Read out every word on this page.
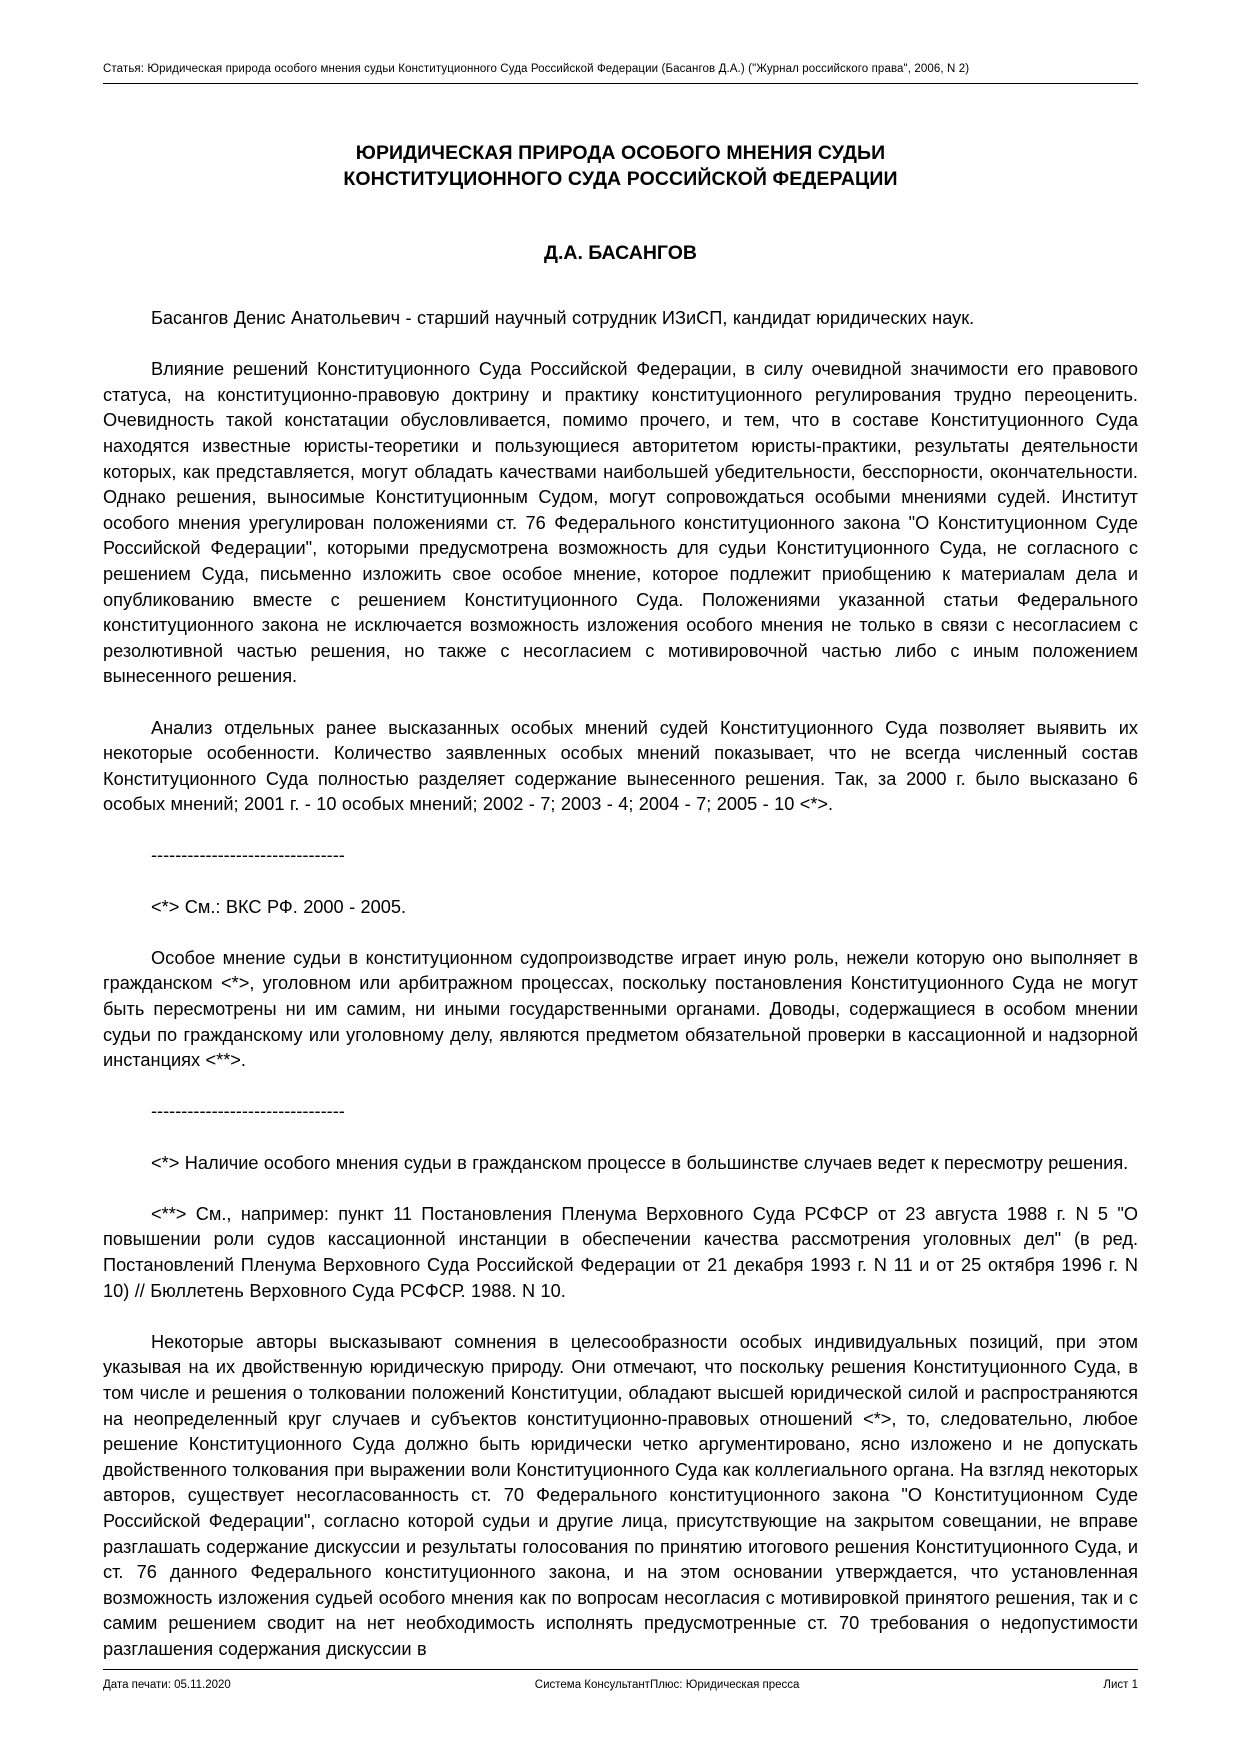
Статья: Юридическая природа особого мнения судьи Конституционного Суда Российской Федерации (Басангов Д.А.) ("Журнал российского права", 2006, N 2)
ЮРИДИЧЕСКАЯ ПРИРОДА ОСОБОГО МНЕНИЯ СУДЬИ
КОНСТИТУЦИОННОГО СУДА РОССИЙСКОЙ ФЕДЕРАЦИИ
Д.А. БАСАНГОВ

Басангов Денис Анатольевич - старший научный сотрудник ИЗиСП, кандидат юридических наук.

Влияние решений Конституционного Суда Российской Федерации, в силу очевидной значимости его правового статуса, на конституционно-правовую доктрину и практику конституционного регулирования трудно переоценить. Очевидность такой констатации обусловливается, помимо прочего, и тем, что в составе Конституционного Суда находятся известные юристы-теоретики и пользующиеся авторитетом юристы-практики, результаты деятельности которых, как представляется, могут обладать качествами наибольшей убедительности, бесспорности, окончательности. Однако решения, выносимые Конституционным Судом, могут сопровождаться особыми мнениями судей. Институт особого мнения урегулирован положениями ст. 76 Федерального конституционного закона "О Конституционном Суде Российской Федерации", которыми предусмотрена возможность для судьи Конституционного Суда, не согласного с решением Суда, письменно изложить свое особое мнение, которое подлежит приобщению к материалам дела и опубликованию вместе с решением Конституционного Суда. Положениями указанной статьи Федерального конституционного закона не исключается возможность изложения особого мнения не только в связи с несогласием с резолютивной частью решения, но также с несогласием с мотивировочной частью либо с иным положением вынесенного решения.

Анализ отдельных ранее высказанных особых мнений судей Конституционного Суда позволяет выявить их некоторые особенности. Количество заявленных особых мнений показывает, что не всегда численный состав Конституционного Суда полностью разделяет содержание вынесенного решения. Так, за 2000 г. было высказано 6 особых мнений; 2001 г. - 10 особых мнений; 2002 - 7; 2003 - 4; 2004 - 7; 2005 - 10 <*>.

--------------------------------

<*> См.: ВКС РФ. 2000 - 2005.

Особое мнение судьи в конституционном судопроизводстве играет иную роль, нежели которую оно выполняет в гражданском <*>, уголовном или арбитражном процессах, поскольку постановления Конституционного Суда не могут быть пересмотрены ни им самим, ни иными государственными органами. Доводы, содержащиеся в особом мнении судьи по гражданскому или уголовному делу, являются предметом обязательной проверки в кассационной и надзорной инстанциях <**>.

--------------------------------

<*> Наличие особого мнения судьи в гражданском процессе в большинстве случаев ведет к пересмотру решения.

<**> См., например: пункт 11 Постановления Пленума Верховного Суда РСФСР от 23 августа 1988 г. N 5 "О повышении роли судов кассационной инстанции в обеспечении качества рассмотрения уголовных дел" (в ред. Постановлений Пленума Верховного Суда Российской Федерации от 21 декабря 1993 г. N 11 и от 25 октября 1996 г. N 10) // Бюллетень Верховного Суда РСФСР. 1988. N 10.

Некоторые авторы высказывают сомнения в целесообразности особых индивидуальных позиций, при этом указывая на их двойственную юридическую природу. Они отмечают, что поскольку решения Конституционного Суда, в том числе и решения о толковании положений Конституции, обладают высшей юридической силой и распространяются на неопределенный круг случаев и субъектов конституционно-правовых отношений <*>, то, следовательно, любое решение Конституционного Суда должно быть юридически четко аргументировано, ясно изложено и не допускать двойственного толкования при выражении воли Конституционного Суда как коллегиального органа. На взгляд некоторых авторов, существует несогласованность ст. 70 Федерального конституционного закона "О Конституционном Суде Российской Федерации", согласно которой судьи и другие лица, присутствующие на закрытом совещании, не вправе разглашать содержание дискуссии и результаты голосования по принятию итогового решения Конституционного Суда, и ст. 76 данного Федерального конституционного закона, и на этом основании утверждается, что установленная возможность изложения судьей особого мнения как по вопросам несогласия с мотивировкой принятого решения, так и с самим решением сводит на нет необходимость исполнять предусмотренные ст. 70 требования о недопустимости разглашения содержания дискуссии в

Дата печати: 05.11.2020	Система КонсультантПлюс: Юридическая пресса	Лист 1
